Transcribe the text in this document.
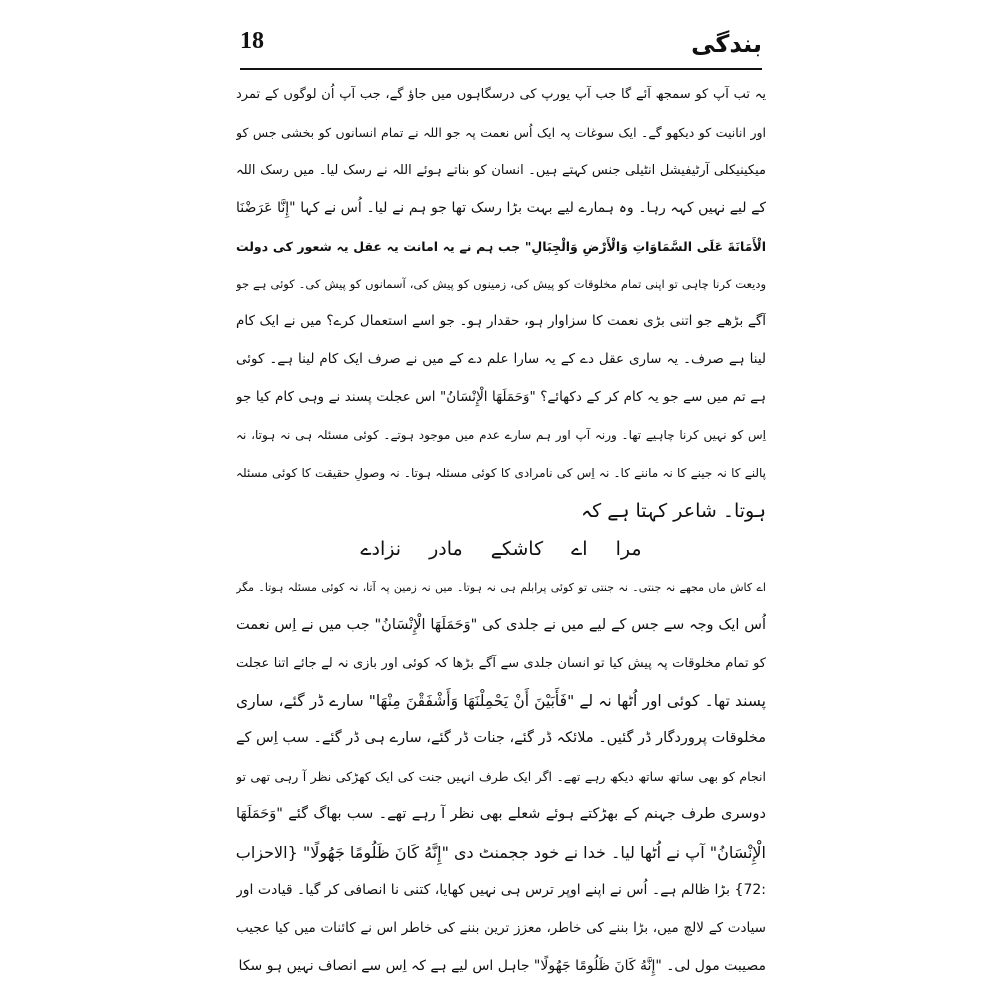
18	بندگی
یہ تب آپ کو سمجھ آئے گا جب آپ یورپ کی درسگاہوں میں جاؤ گے، جب آپ اُن لوگوں کے تمرد
اور انانیت کو دیکھو گے۔ ایک سوغات پہ ایک اُس نعمت پہ جو اللہ نے تمام انسانوں کو بخشی جس کو
میکینیکلی آرٹیفیشل انٹیلی جنس کہتے ہیں۔ انسان کو بناتے ہوئے اللہ نے رسک لیا۔ میں رسک اللہ
کے لیے نہیں کہہ رہا۔ وہ ہمارے لیے بہت بڑا رسک تھا جو ہم نے لیا۔ اُس نے کہا "إِنَّا عَرَضْنَا
الْأَمَانَةَ عَلَى السَّمَاوَاتِ وَالْأَرْضِ وَالْجِبَالِ" جب ہم نے یہ امانت یہ عقل یہ شعور کی دولت
ودیعت کرنا چاہی تو اپنی تمام مخلوقات کو پیش کی، زمینوں کو پیش کی، آسمانوں کو پیش کی۔ کوئی ہے جو
آگے بڑھے جو اتنی بڑی نعمت کا سزاوار ہو، حقدار ہو۔ جو اسے استعمال کرے؟ میں نے ایک کام
لینا ہے صرف۔ یہ ساری عقل دے کے یہ سارا علم دے کے میں نے صرف ایک کام لینا ہے۔ کوئی
ہے تم میں سے جو یہ کام کر کے دکھائے؟ "وَحَمَلَهَا الْإِنْسَانُ" اس عجلت پسند نے وہی کام کیا جو
اِس کو نہیں کرنا چاہیے تھا۔ ورنہ آپ اور ہم سارے عدم میں موجود ہوتے۔ کوئی مسئلہ ہی نہ ہوتا، نہ
پالنے کا نہ جینے کا نہ ماننے کا۔ نہ اِس کی نامرادی کا کوئی مسئلہ ہوتا۔ نہ وصولِ حقیقت کا کوئی مسئلہ
ہوتا۔ شاعر کہتا ہے کہ
مرا اے کاشکے مادر نزادے
اے کاش ماں مجھے نہ جنتی۔ نہ جنتی تو کوئی پرابلم ہی نہ ہوتا۔ میں نہ زمین پہ آتا، نہ کوئی مسئلہ ہوتا۔ مگر
اُس ایک وجہ سے جس کے لیے میں نے جلدی کی "وَحَمَلَهَا الْإِنْسَانُ" جب میں نے اِس نعمت
کو تمام مخلوقات پہ پیش کیا تو انسان جلدی سے آگے بڑھا کہ کوئی اور بازی نہ لے جائے اتنا عجلت
پسند تھا۔ کوئی اور اُٹھا نہ لے "فَأَبَيْنَ أَنْ يَحْمِلْنَهَا وَأَشْفَقْنَ مِنْهَا" سارے ڈر گئے، ساری
مخلوقات پروردگار ڈر گئیں۔ ملائکہ ڈر گئے، جنات ڈر گئے، سارے ہی ڈر گئے۔ سب اِس کے
انجام کو بھی ساتھ ساتھ دیکھ رہے تھے۔ اگر ایک طرف انہیں جنت کی ایک کھڑکی نظر آ رہی تھی تو
دوسری طرف جہنم کے بھڑکتے ہوئے شعلے بھی نظر آ رہے تھے۔ سب بھاگ گئے "وَحَمَلَهَا
الْإِنْسَانُ" آپ نے اُٹھا لیا۔ خدا نے خود ججمنٹ دی "إِنَّهُ كَانَ ظَلُومًا جَهُولًا" {الاحزاب
:72} بڑا ظالم ہے۔ اُس نے اپنے اوپر ترس ہی نہیں کھایا، کتنی نا انصافی کر گیا۔ قیادت اور
سیادت کے لالچ میں، بڑا بننے کی خاطر، معزز ترین بننے کی خاطر اس نے کائنات میں کیا عجیب
مصیبت مول لی۔ "إِنَّهُ كَانَ ظَلُومًا جَهُولًا" جاہل اس لیے ہے کہ اِس سے انصاف نہیں ہو سکا
